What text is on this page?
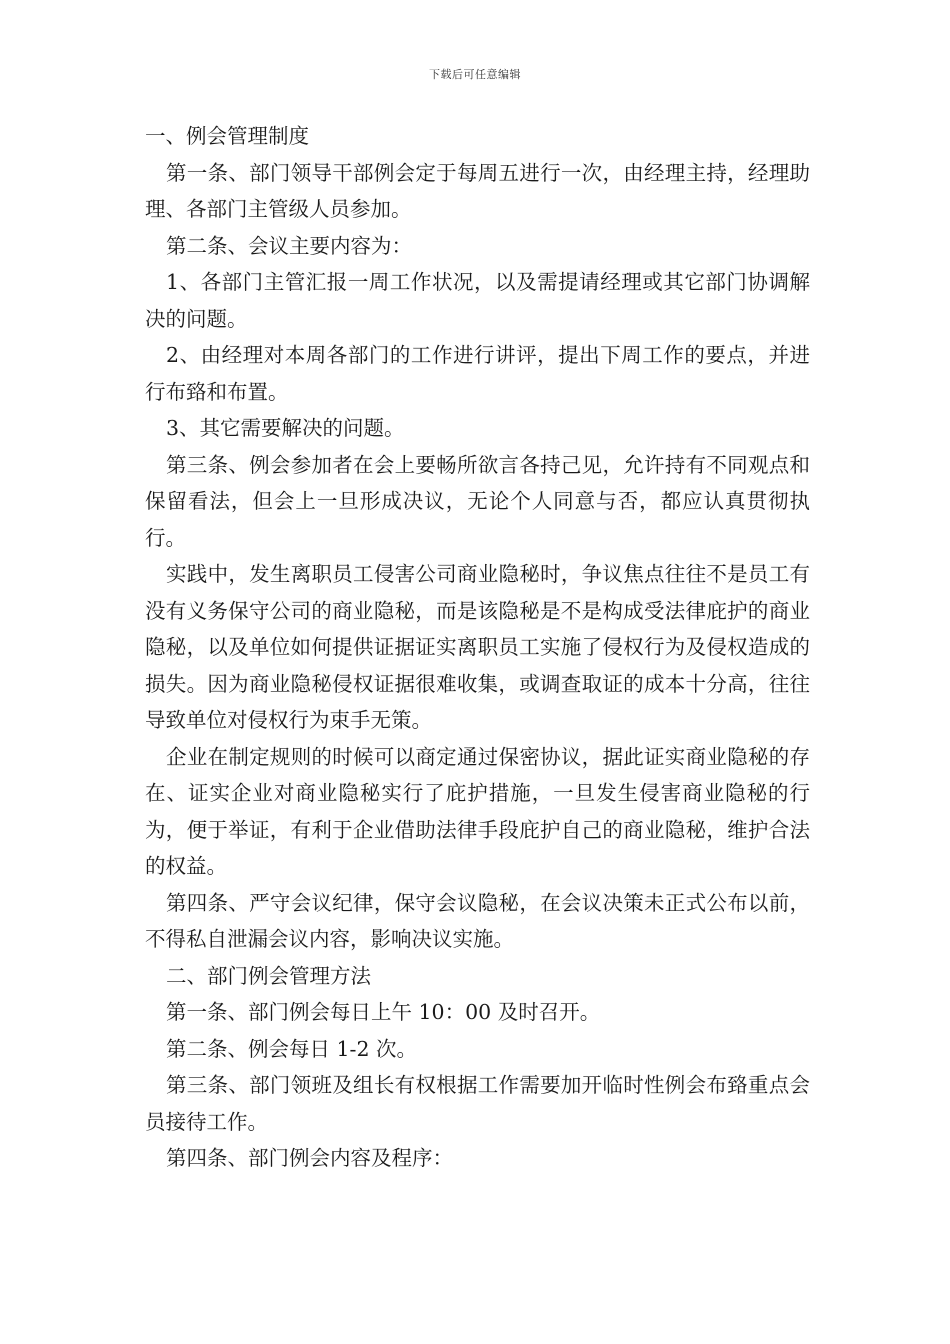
下载后可任意编辑

一、例会管理制度

第一条、部门领导干部例会定于每周五进行一次，由经理主持，经理助理、各部门主管级人员参加。

第二条、会议主要内容为：

1、各部门主管汇报一周工作状况，以及需提请经理或其它部门协调解决的问题。

2、由经理对本周各部门的工作进行讲评，提出下周工作的要点，并进行布臵和布置。

3、其它需要解决的问题。

第三条、例会参加者在会上要畅所欲言各持己见，允许持有不同观点和保留看法，但会上一旦形成决议，无论个人同意与否，都应认真贯彻执行。

实践中，发生离职员工侵害公司商业隐秘时，争议焦点往往不是员工有没有义务保守公司的商业隐秘，而是该隐秘是不是构成受法律庇护的商业隐秘，以及单位如何提供证据证实离职员工实施了侵权行为及侵权造成的损失。因为商业隐秘侵权证据很难收集，或调查取证的成本十分高，往往导致单位对侵权行为束手无策。

企业在制定规则的时候可以商定通过保密协议，据此证实商业隐秘的存在、证实企业对商业隐秘实行了庇护措施，一旦发生侵害商业隐秘的行为，便于举证，有利于企业借助法律手段庇护自己的商业隐秘，维护合法的权益。

第四条、严守会议纪律，保守会议隐秘，在会议决策未正式公布以前，不得私自泄漏会议内容，影响决议实施。

二、部门例会管理方法

第一条、部门例会每日上午 10：00 及时召开。

第二条、例会每日 1-2 次。

第三条、部门领班及组长有权根据工作需要加开临时性例会布臵重点会员接待工作。

第四条、部门例会内容及程序：
